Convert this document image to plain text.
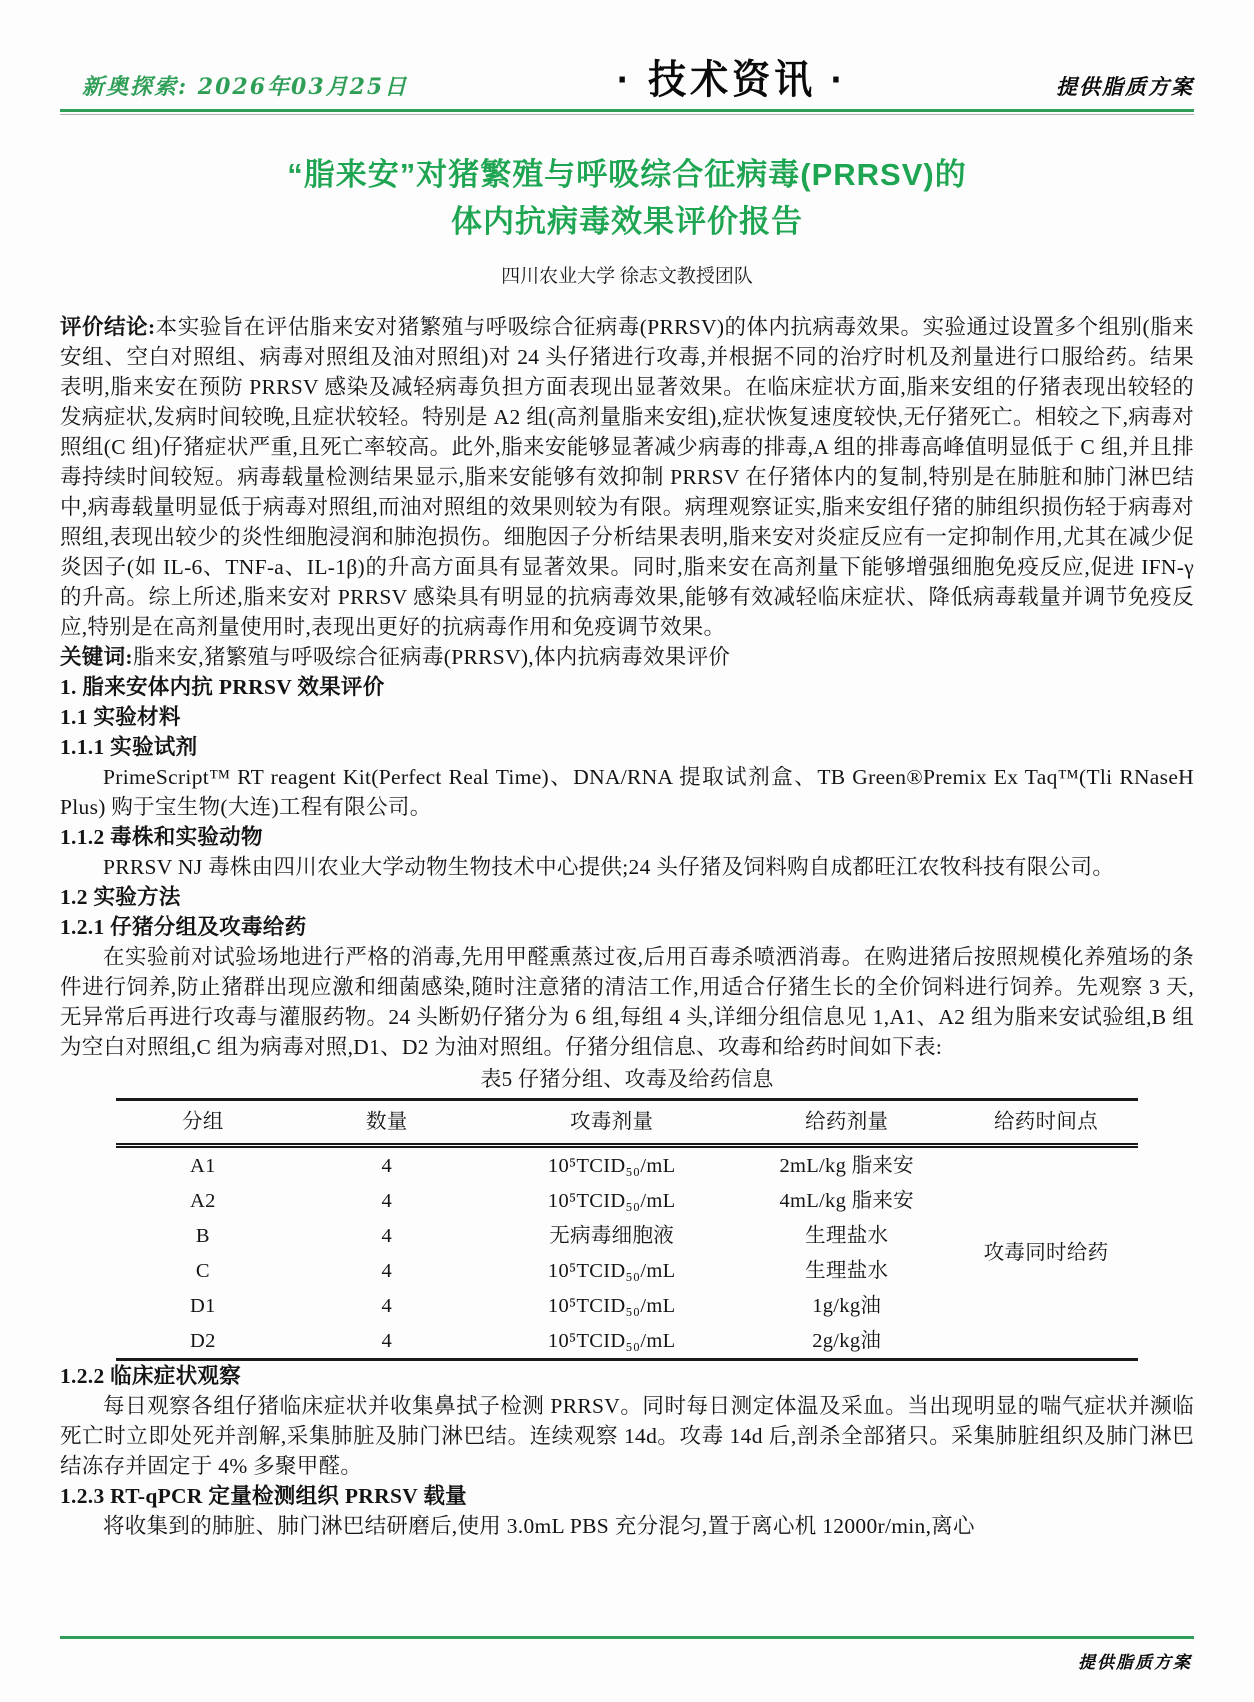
新奥探索: 2026年03月25日	· 技术资讯 ·	提供脂质方案
“脂来安”对猪繁殖与呼吸综合征病毒(PRRSV)的
体内抗病毒效果评价报告
四川农业大学 徐志文教授团队

评价结论:本实验旨在评估脂来安对猪繁殖与呼吸综合征病毒(PRRSV)的体内抗病毒效果。实验通过设置多个组别(脂来安组、空白对照组、病毒对照组及油对照组)对 24 头仔猪进行攻毒,并根据不同的治疗时机及剂量进行口服给药。结果表明,脂来安在预防 PRRSV 感染及减轻病毒负担方面表现出显著效果。在临床症状方面,脂来安组的仔猪表现出较轻的发病症状,发病时间较晚,且症状较轻。特别是 A2 组(高剂量脂来安组),症状恢复速度较快,无仔猪死亡。相较之下,病毒对照组(C 组)仔猪症状严重,且死亡率较高。此外,脂来安能够显著减少病毒的排毒,A 组的排毒高峰值明显低于 C 组,并且排毒持续时间较短。病毒载量检测结果显示,脂来安能够有效抑制 PRRSV 在仔猪体内的复制,特别是在肺脏和肺门淋巴结中,病毒载量明显低于病毒对照组,而油对照组的效果则较为有限。病理观察证实,脂来安组仔猪的肺组织损伤轻于病毒对照组,表现出较少的炎性细胞浸润和肺泡损伤。细胞因子分析结果表明,脂来安对炎症反应有一定抑制作用,尤其在减少促炎因子(如 IL-6、TNF-a、IL-1β)的升高方面具有显著效果。同时,脂来安在高剂量下能够增强细胞免疫反应,促进 IFN-γ 的升高。综上所述,脂来安对 PRRSV 感染具有明显的抗病毒效果,能够有效减轻临床症状、降低病毒载量并调节免疫反应,特别是在高剂量使用时,表现出更好的抗病毒作用和免疫调节效果。

关键词:脂来安,猪繁殖与呼吸综合征病毒(PRRSV),体内抗病毒效果评价

1. 脂来安体内抗 PRRSV 效果评价

1.1 实验材料

1.1.1 实验试剂

PrimeScript™ RT reagent Kit(Perfect Real Time)、DNA/RNA 提取试剂盒、TB Green®Premix Ex Taq™(Tli RNaseH Plus) 购于宝生物(大连)工程有限公司。

1.1.2 毒株和实验动物

PRRSV NJ 毒株由四川农业大学动物生物技术中心提供;24 头仔猪及饲料购自成都旺江农牧科技有限公司。

1.2 实验方法

1.2.1 仔猪分组及攻毒给药

在实验前对试验场地进行严格的消毒,先用甲醛熏蒸过夜,后用百毒杀喷洒消毒。在购进猪后按照规模化养殖场的条件进行饲养,防止猪群出现应激和细菌感染,随时注意猪的清洁工作,用适合仔猪生长的全价饲料进行饲养。先观察 3 天,无异常后再进行攻毒与灌服药物。24 头断奶仔猪分为 6 组,每组 4 头,详细分组信息见 1,A1、A2 组为脂来安试验组,B 组为空白对照组,C 组为病毒对照,D1、D2 为油对照组。仔猪分组信息、攻毒和给药时间如下表:

表5 仔猪分组、攻毒及给药信息
分组	数量	攻毒剂量	给药剂量	给药时间点
A1	4	10⁵TCID₅₀/mL	2mL/kg 脂来安	攻毒同时给药
A2	4	10⁵TCID₅₀/mL	4mL/kg 脂来安	
B	4	无病毒细胞液	生理盐水	
C	4	10⁵TCID₅₀/mL	生理盐水	
D1	4	10⁵TCID₅₀/mL	1g/kg油	
D2	4	10⁵TCID₅₀/mL	2g/kg油	

1.2.2 临床症状观察

每日观察各组仔猪临床症状并收集鼻拭子检测 PRRSV。同时每日测定体温及采血。当出现明显的喘气症状并濒临死亡时立即处死并剖解,采集肺脏及肺门淋巴结。连续观察 14d。攻毒 14d 后,剖杀全部猪只。采集肺脏组织及肺门淋巴结冻存并固定于 4% 多聚甲醛。

1.2.3 RT-qPCR 定量检测组织 PRRSV 载量

将收集到的肺脏、肺门淋巴结研磨后,使用 3.0mL PBS 充分混匀,置于离心机 12000r/min,离心

提供脂质方案
